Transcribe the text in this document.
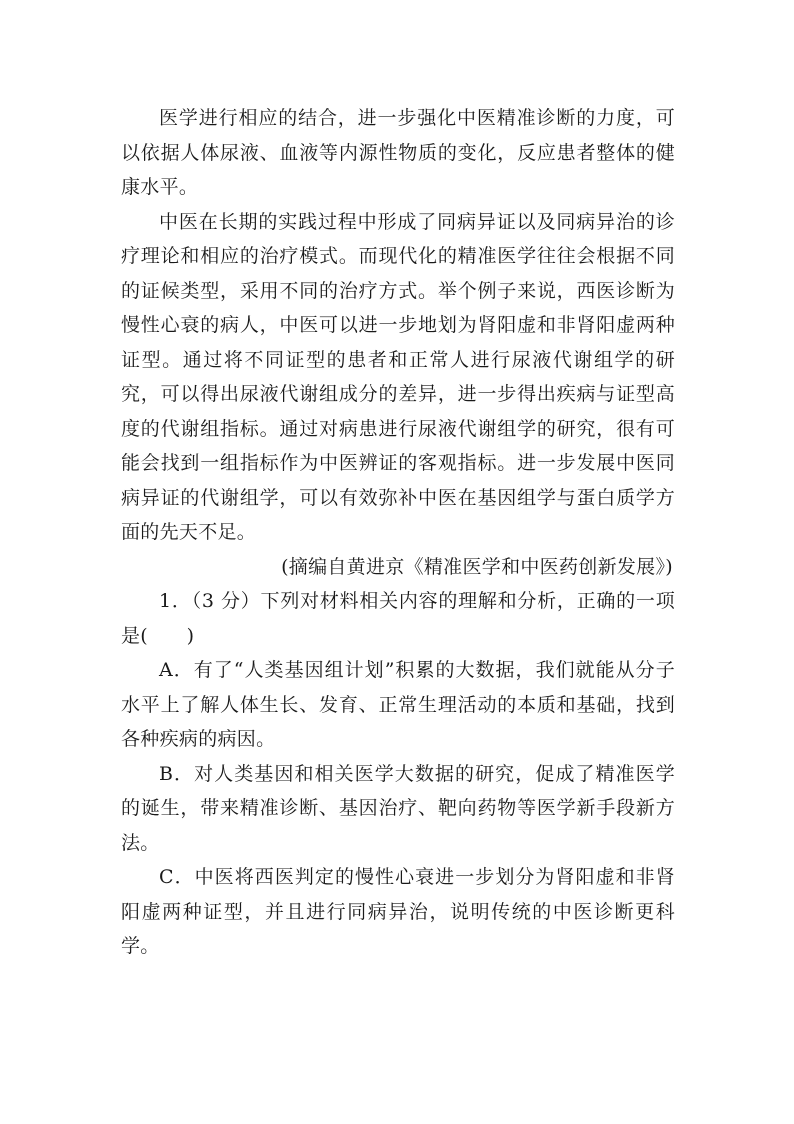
医学进行相应的结合，进一步强化中医精准诊断的力度，可以依据人体尿液、血液等内源性物质的变化，反应患者整体的健康水平。

中医在长期的实践过程中形成了同病异证以及同病异治的诊疗理论和相应的治疗模式。而现代化的精准医学往往会根据不同的证候类型，采用不同的治疗方式。举个例子来说，西医诊断为慢性心衰的病人，中医可以进一步地划为肾阳虚和非肾阳虚两种证型。通过将不同证型的患者和正常人进行尿液代谢组学的研究，可以得出尿液代谢组成分的差异，进一步得出疾病与证型高度的代谢组指标。通过对病患进行尿液代谢组学的研究，很有可能会找到一组指标作为中医辨证的客观指标。进一步发展中医同病异证的代谢组学，可以有效弥补中医在基因组学与蛋白质学方面的先天不足。

(摘编自黄进京《精准医学和中医药创新发展》)

1．（3 分）下列对材料相关内容的理解和分析，正确的一项是(　　)

A．有了“人类基因组计划”积累的大数据，我们就能从分子水平上了解人体生长、发育、正常生理活动的本质和基础，找到各种疾病的病因。

B．对人类基因和相关医学大数据的研究，促成了精准医学的诞生，带来精准诊断、基因治疗、靶向药物等医学新手段新方法。

C．中医将西医判定的慢性心衰进一步划分为肾阳虚和非肾阳虚两种证型，并且进行同病异治，说明传统的中医诊断更科学。
